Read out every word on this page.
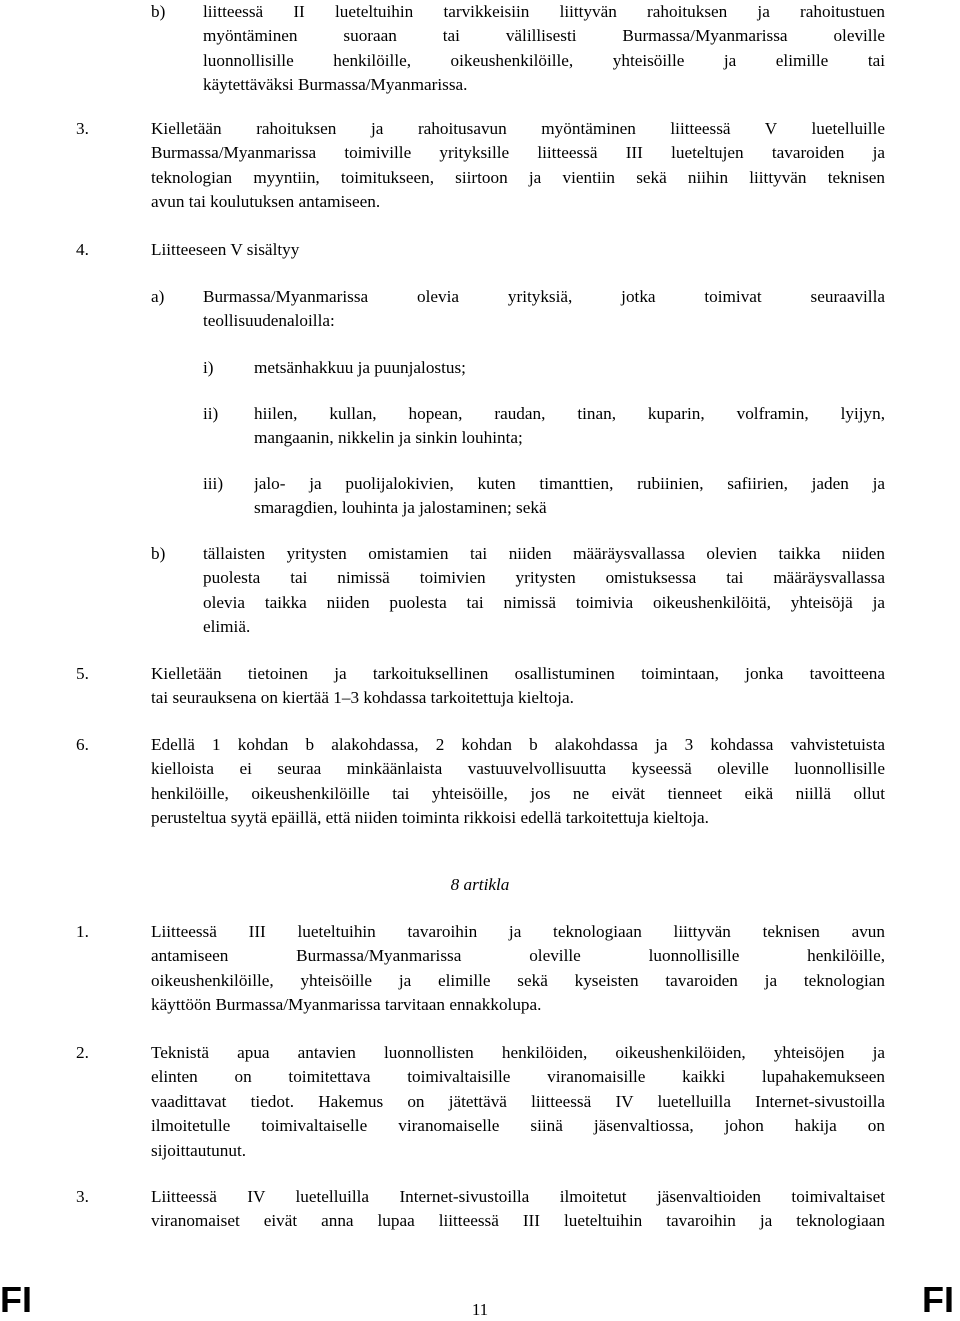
b) liitteessä II lueteltuihin tarvikkeisiin liittyvän rahoituksen ja rahoitustuen
myöntäminen suoraan tai välillisesti Burmassa/Myanmarissa oleville
luonnollisille henkilöille, oikeushenkilöille, yhteisöille ja elimille tai
käytettäväksi Burmassa/Myanmarissa.
3.	Kielletään rahoituksen ja rahoitusavun myöntäminen liitteessä V luetelluille
Burmassa/Myanmarissa toimiville yrityksille liitteessä III lueteltujen tavaroiden ja
teknologian myyntiin, toimitukseen, siirtoon ja vientiin sekä niihin liittyvän teknisen
avun tai koulutuksen antamiseen.
4.	Liitteeseen V sisältyy
a) Burmassa/Myanmarissa olevia yrityksiä, jotka toimivat seuraavilla
teollisuudenaloilla:
i) metsänhakkuu ja puunjalostus;
ii) hiilen, kullan, hopean, raudan, tinan, kuparin, volframin, lyijyn,
mangaanin, nikkelin ja sinkin louhinta;
iii) jalo- ja puolijalokivien, kuten timanttien, rubiinien, safiirien, jaden ja
smaragdien, louhinta ja jalostaminen; sekä
b) tällaisten yritysten omistamien tai niiden määräysvallassa olevien taikka niiden
puolesta tai nimissä toimivien yritysten omistuksessa tai määräysvallassa
olevia taikka niiden puolesta tai nimissä toimivia oikeushenkilöitä, yhteisöjä ja
elimiä.
5.	Kielletään tietoinen ja tarkoituksellinen osallistuminen toimintaan, jonka tavoitteena
tai seurauksena on kiertää 1–3 kohdassa tarkoitettuja kieltoja.
6.	Edellä 1 kohdan b alakohdassa, 2 kohdan b alakohdassa ja 3 kohdassa vahvistetuista
kielloista ei seuraa minkäänlaista vastuuvelvollisuutta kyseessä oleville luonnollisille
henkilöille, oikeushenkilöille tai yhteisöille, jos ne eivät tienneet eikä niillä ollut
perusteltua syytä epäillä, että niiden toiminta rikkoisi edellä tarkoitettuja kieltoja.
8 artikla
1.	Liitteessä III lueteltuihin tavaroihin ja teknologiaan liittyvän teknisen avun
antamiseen Burmassa/Myanmarissa oleville luonnollisille henkilöille,
oikeushenkilöille, yhteisöille ja elimille sekä kyseisten tavaroiden ja teknologian
käyttöön Burmassa/Myanmarissa tarvitaan ennakkolupa.
2.	Teknistä apua antavien luonnollisten henkilöiden, oikeushenkilöiden, yhteisöjen ja
elinten on toimitettava toimivaltaisille viranomaisille kaikki lupahakemukseen
vaadittavat tiedot. Hakemus on jätettävä liitteessä IV luetelluilla Internet-sivustoilla
ilmoitetulle toimivaltaiselle viranomaiselle siinä jäsenvaltiossa, johon hakija on
sijoittautunut.
3.	Liitteessä IV luetelluilla Internet-sivustoilla ilmoitetut jäsenvaltioiden toimivaltaiset
viranomaiset eivät anna lupaa liitteessä III lueteltuihin tavaroihin ja teknologiaan
FI	11	FI
